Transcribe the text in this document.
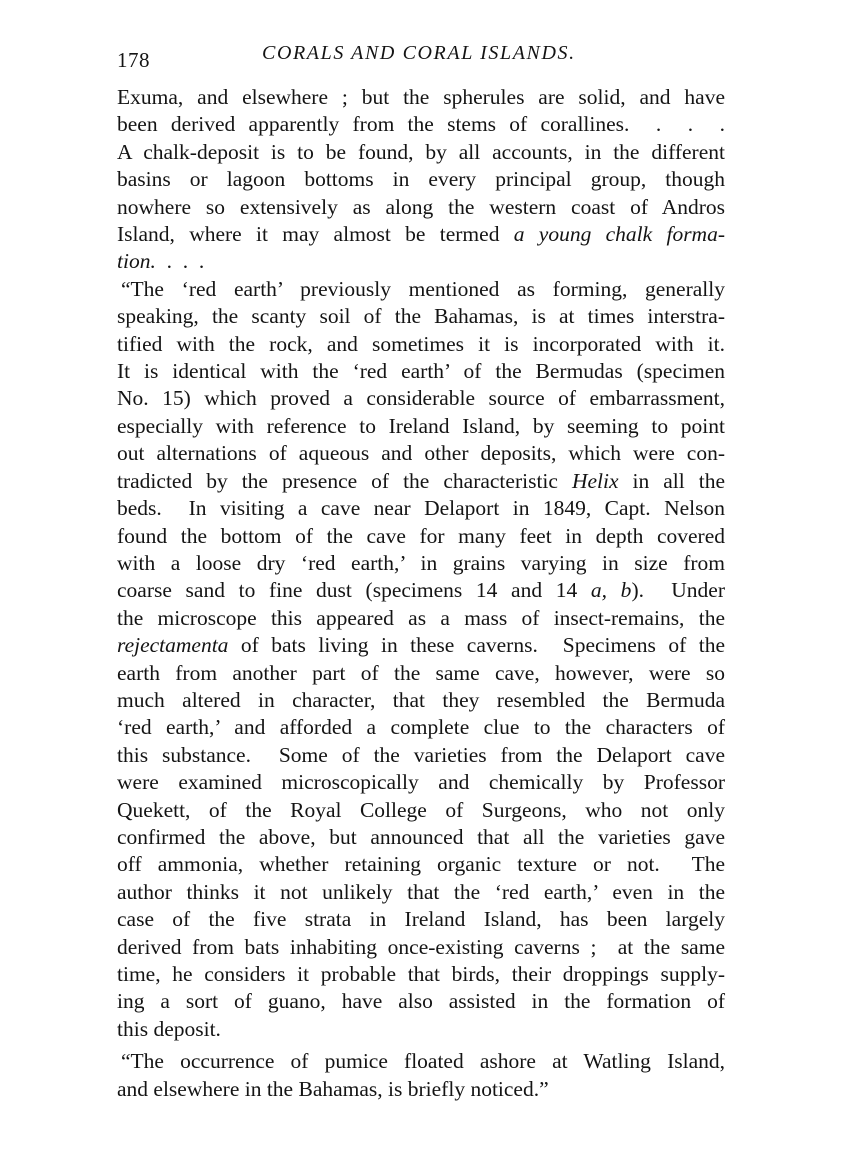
178	CORALS AND CORAL ISLANDS.
Exuma, and elsewhere ; but the spherules are solid, and have
been derived apparently from the stems of corallines.  .  .  .
A chalk-deposit is to be found, by all accounts, in the different
basins or lagoon bottoms in every principal group, though
nowhere so extensively as along the western coast of Andros
Island, where it may almost be termed a young chalk forma-
tion.  .  .  .
“The ‘red earth’ previously mentioned as forming, generally
speaking, the scanty soil of the Bahamas, is at times interstra-
tified with the rock, and sometimes it is incorporated with it.
It is identical with the ‘red earth’ of the Bermudas (specimen
No. 15) which proved a considerable source of embarrassment,
especially with reference to Ireland Island, by seeming to point
out alternations of aqueous and other deposits, which were con-
tradicted by the presence of the characteristic Helix in all the
beds.  In visiting a cave near Delaport in 1849, Capt. Nelson
found the bottom of the cave for many feet in depth covered
with a loose dry ‘red earth,’ in grains varying in size from
coarse sand to fine dust (specimens 14 and 14 a, b).  Under
the microscope this appeared as a mass of insect-remains, the
rejectamenta of bats living in these caverns.  Specimens of the
earth from another part of the same cave, however, were so
much altered in character, that they resembled the Bermuda
‘red earth,’ and afforded a complete clue to the characters of
this substance.  Some of the varieties from the Delaport cave
were examined microscopically and chemically by Professor
Quekett, of the Royal College of Surgeons, who not only
confirmed the above, but announced that all the varieties gave
off ammonia, whether retaining organic texture or not.  The
author thinks it not unlikely that the ‘red earth,’ even in the
case of the five strata in Ireland Island, has been largely
derived from bats inhabiting once-existing caverns ;  at the same
time, he considers it probable that birds, their droppings supply-
ing a sort of guano, have also assisted in the formation of
this deposit.
“The occurrence of pumice floated ashore at Watling Island,
and elsewhere in the Bahamas, is briefly noticed.”
